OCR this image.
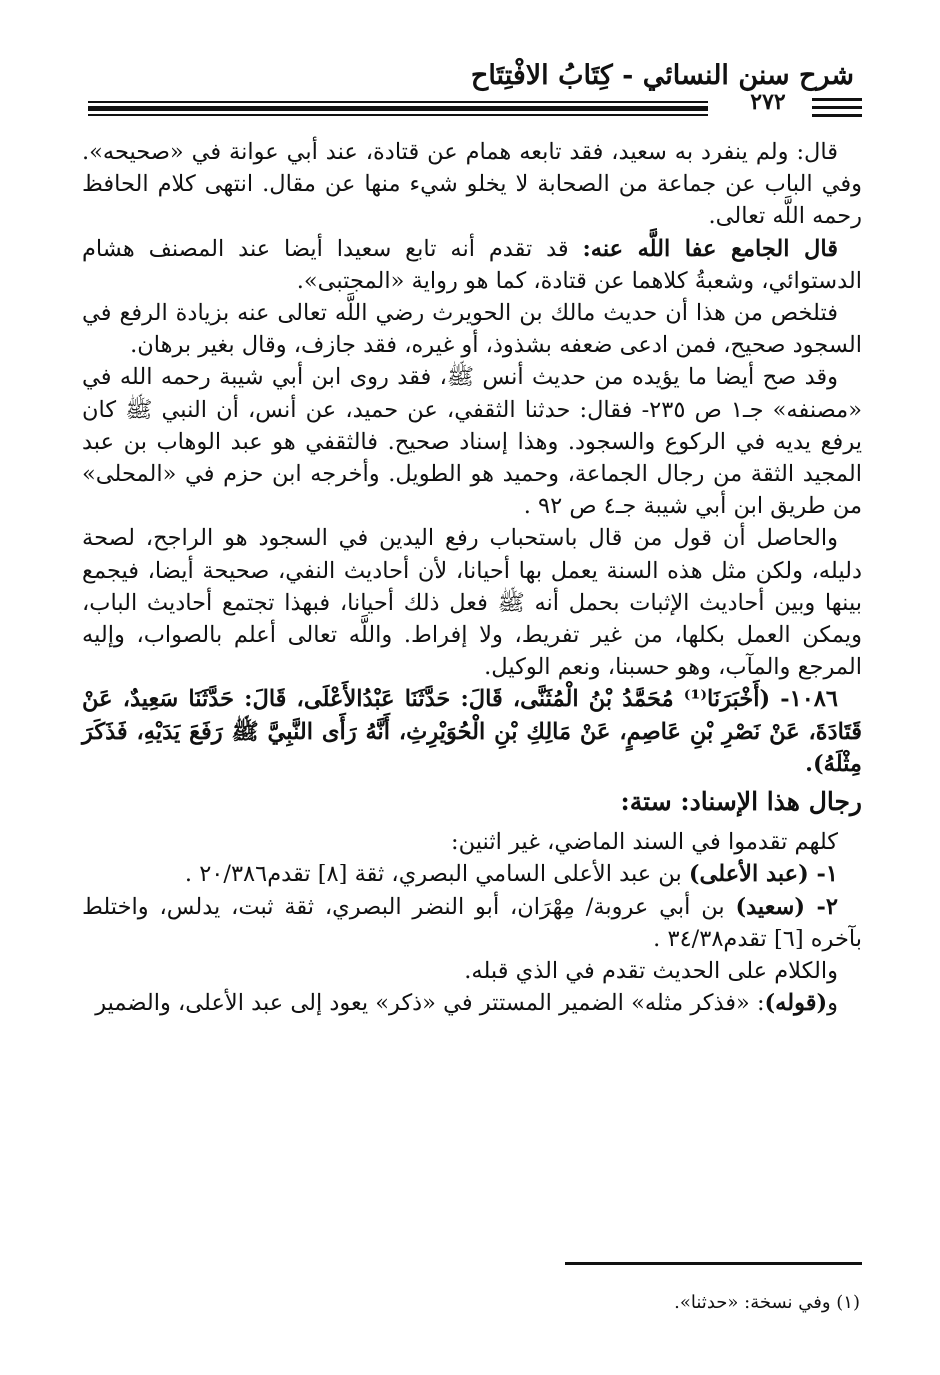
شرح سنن النسائي - كِتَابُ الافْتِتَاح
٢٧٢

قال: ولم ينفرد به سعيد، فقد تابعه همام عن قتادة، عند أبي عوانة في «صحيحه». وفي الباب عن جماعة من الصحابة لا يخلو شيء منها عن مقال. انتهى كلام الحافظ رحمه اللَّه تعالى.

قال الجامع عفا اللَّه عنه: قد تقدم أنه تابع سعيدا أيضا عند المصنف هشام الدستوائي، وشعبةُ كلاهما عن قتادة، كما هو رواية «المجتبى».

فتلخص من هذا أن حديث مالك بن الحويرث رضي اللَّه تعالى عنه بزيادة الرفع في السجود صحيح، فمن ادعى ضعفه بشذوذ، أو غيره، فقد جازف، وقال بغير برهان.

وقد صح أيضا ما يؤيده من حديث أنس ﷺ، فقد روى ابن أبي شيبة رحمه الله في «مصنفه» جـ١ ص ٢٣٥- فقال: حدثنا الثقفي، عن حميد، عن أنس، أن النبي ﷺ كان يرفع يديه في الركوع والسجود. وهذا إسناد صحيح. فالثقفي هو عبد الوهاب بن عبد المجيد الثقة من رجال الجماعة، وحميد هو الطويل. وأخرجه ابن حزم في «المحلى» من طريق ابن أبي شيبة جـ٤ ص ٩٢ .

والحاصل أن قول من قال باستحباب رفع اليدين في السجود هو الراجح، لصحة دليله، ولكن مثل هذه السنة يعمل بها أحيانا، لأن أحاديث النفي، صحيحة أيضا، فيجمع بينها وبين أحاديث الإثبات بحمل أنه ﷺ فعل ذلك أحيانا، فبهذا تجتمع أحاديث الباب، ويمكن العمل بكلها، من غير تفريط، ولا إفراط. واللَّه تعالى أعلم بالصواب، وإليه المرجع والمآب، وهو حسبنا، ونعم الوكيل.

١٠٨٦- (أَخْبَرَنَا⁽¹⁾ مُحَمَّدُ بْنُ الْمُثَنَّى، قَالَ: حَدَّثَنَا عَبْدُالأَعْلَى، قَالَ: حَدَّثَنَا سَعِيدٌ، عَنْ قَتَادَةَ، عَنْ نَصْرِ بْنِ عَاصِمٍ، عَنْ مَالِكِ بْنِ الْحُوَيْرِثِ، أَنَّهُ رَأَى النَّبِيَّ ﷺ رَفَعَ يَدَيْهِ، فَذَكَرَ مِثْلَهُ).

رجال هذا الإسناد: ستة:

كلهم تقدموا في السند الماضي، غير اثنين:

١- (عبد الأعلى) بن عبد الأعلى السامي البصري، ثقة [٨] تقدم٢٠/٣٨٦ .

٢- (سعيد) بن أبي عروبة/ مِهْرَان، أبو النضر البصري، ثقة ثبت، يدلس، واختلط بآخره [٦] تقدم٣٤/٣٨ .

والكلام على الحديث تقدم في الذي قبله.

و(قوله): «فذكر مثله» الضمير المستتر في «ذكر» يعود إلى عبد الأعلى، والضمير

(١) وفي نسخة: «حدثنا».
